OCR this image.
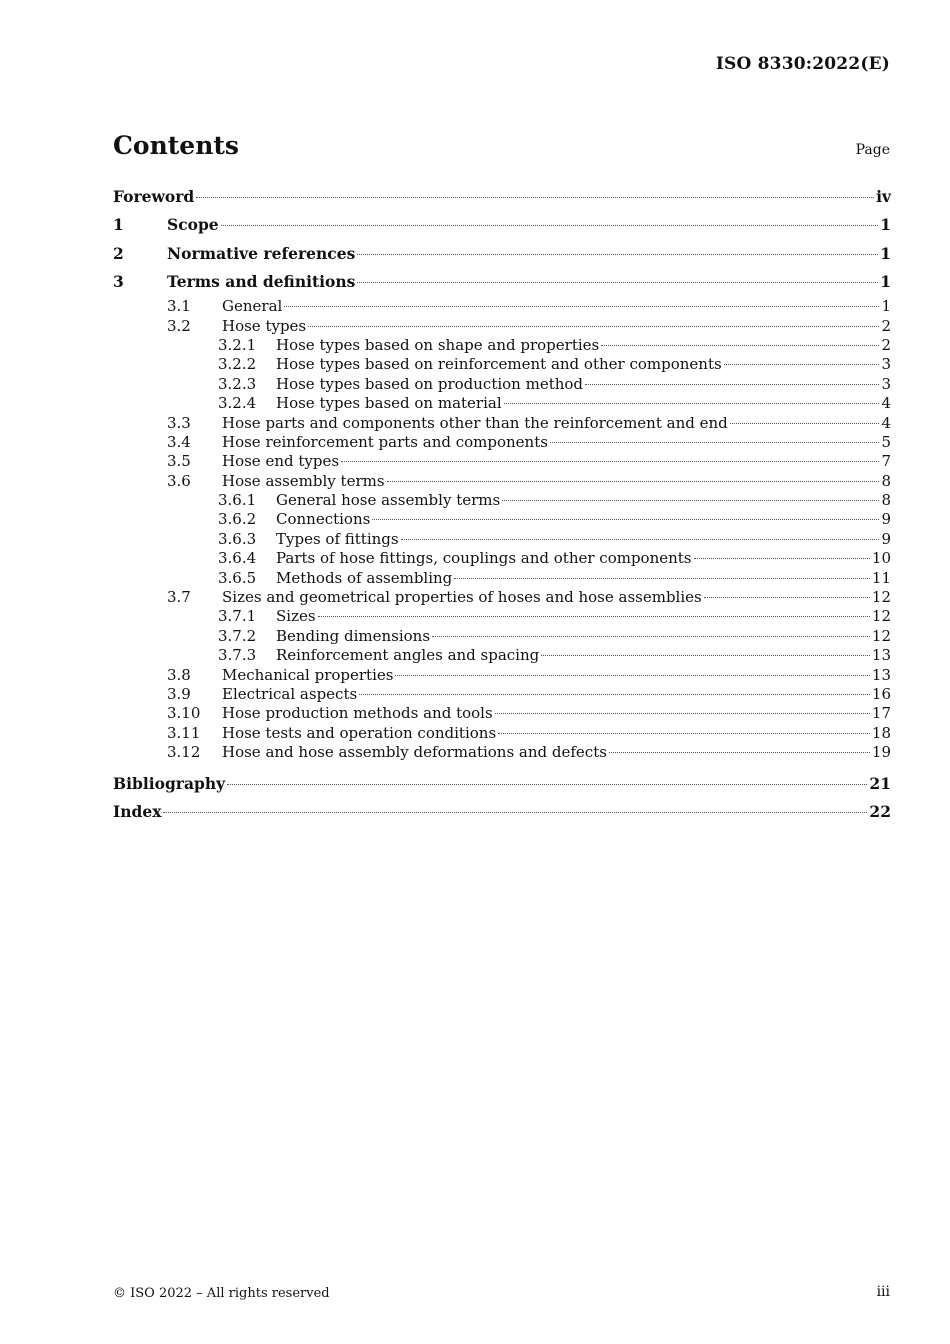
ISO 8330:2022(E)
Contents	Page
Foreword	iv
1	Scope	1
2	Normative references	1
3	Terms and definitions	1
3.1	General	1
3.2	Hose types	2
3.2.1	Hose types based on shape and properties	2
3.2.2	Hose types based on reinforcement and other components	3
3.2.3	Hose types based on production method	3
3.2.4	Hose types based on material	4
3.3	Hose parts and components other than the reinforcement and end	4
3.4	Hose reinforcement parts and components	5
3.5	Hose end types	7
3.6	Hose assembly terms	8
3.6.1	General hose assembly terms	8
3.6.2	Connections	9
3.6.3	Types of fittings	9
3.6.4	Parts of hose fittings, couplings and other components	10
3.6.5	Methods of assembling	11
3.7	Sizes and geometrical properties of hoses and hose assemblies	12
3.7.1	Sizes	12
3.7.2	Bending dimensions	12
3.7.3	Reinforcement angles and spacing	13
3.8	Mechanical properties	13
3.9	Electrical aspects	16
3.10	Hose production methods and tools	17
3.11	Hose tests and operation conditions	18
3.12	Hose and hose assembly deformations and defects	19
Bibliography	21
Index	22
© ISO 2022 – All rights reserved	iii
